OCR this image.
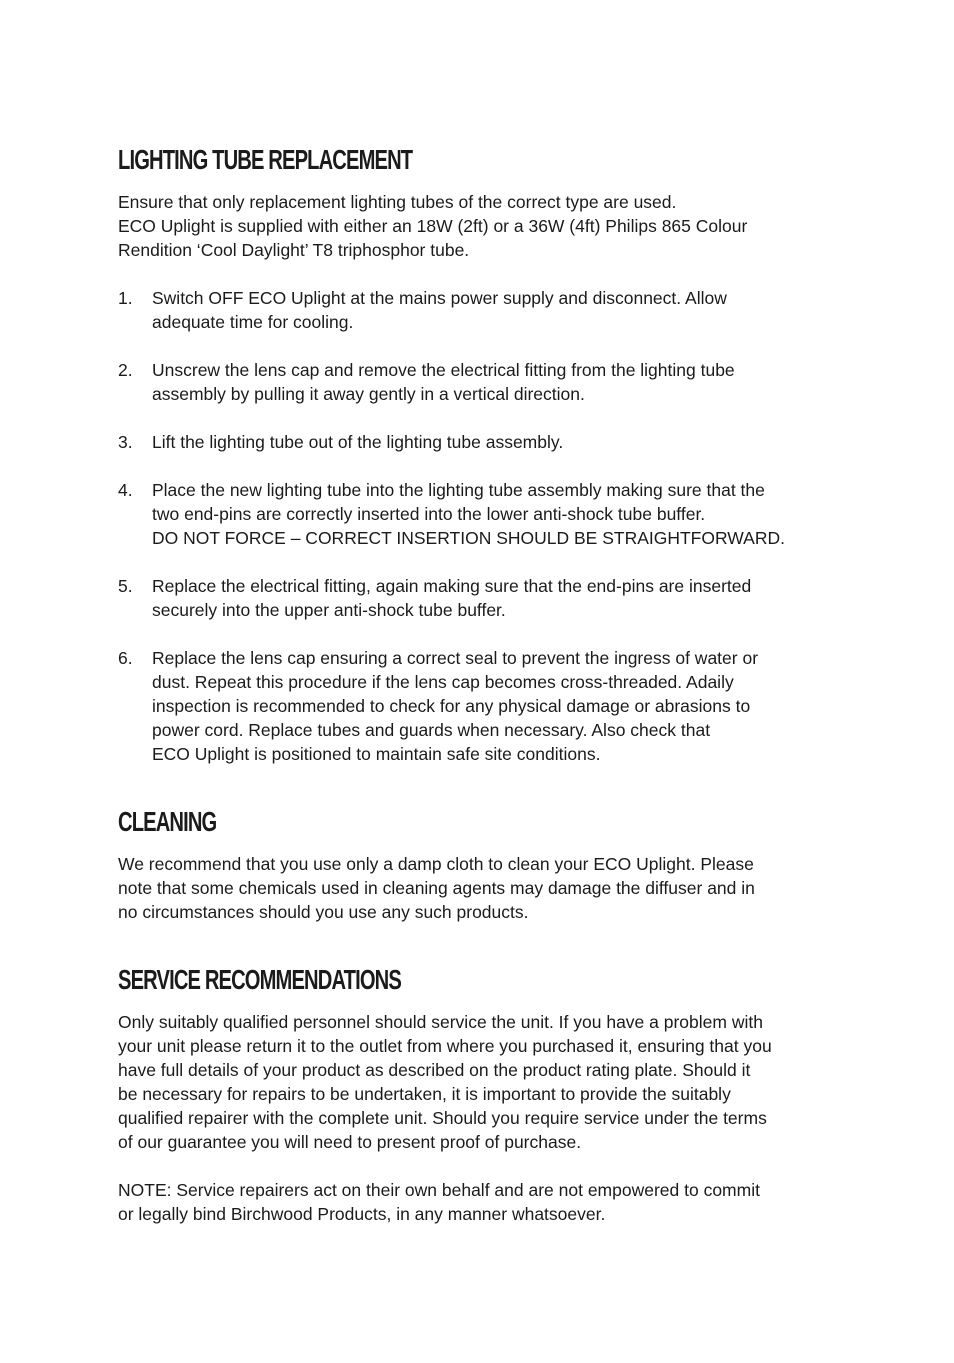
LIGHTING TUBE REPLACEMENT

Ensure that only replacement lighting tubes of the correct type are used.
ECO Uplight is supplied with either an 18W (2ft) or a 36W (4ft) Philips 865 Colour
Rendition ‘Cool Daylight’ T8 triphosphor tube.

1. Switch OFF ECO Uplight at the mains power supply and disconnect. Allow
adequate time for cooling.
2. Unscrew the lens cap and remove the electrical fitting from the lighting tube
assembly by pulling it away gently in a vertical direction.
3. Lift the lighting tube out of the lighting tube assembly.
4. Place the new lighting tube into the lighting tube assembly making sure that the
two end-pins are correctly inserted into the lower anti-shock tube buffer.
DO NOT FORCE – CORRECT INSERTION SHOULD BE STRAIGHTFORWARD.
5. Replace the electrical fitting, again making sure that the end-pins are inserted
securely into the upper anti-shock tube buffer.
6. Replace the lens cap ensuring a correct seal to prevent the ingress of water or
dust. Repeat this procedure if the lens cap becomes cross-threaded. Adaily
inspection is recommended to check for any physical damage or abrasions to
power cord. Replace tubes and guards when necessary. Also check that
ECO Uplight is positioned to maintain safe site conditions.
CLEANING

We recommend that you use only a damp cloth to clean your ECO Uplight. Please
note that some chemicals used in cleaning agents may damage the diffuser and in
no circumstances should you use any such products.

SERVICE RECOMMENDATIONS

Only suitably qualified personnel should service the unit. If you have a problem with
your unit please return it to the outlet from where you purchased it, ensuring that you
have full details of your product as described on the product rating plate. Should it
be necessary for repairs to be undertaken, it is important to provide the suitably
qualified repairer with the complete unit. Should you require service under the terms
of our guarantee you will need to present proof of purchase.

NOTE: Service repairers act on their own behalf and are not empowered to commit
or legally bind Birchwood Products, in any manner whatsoever.
